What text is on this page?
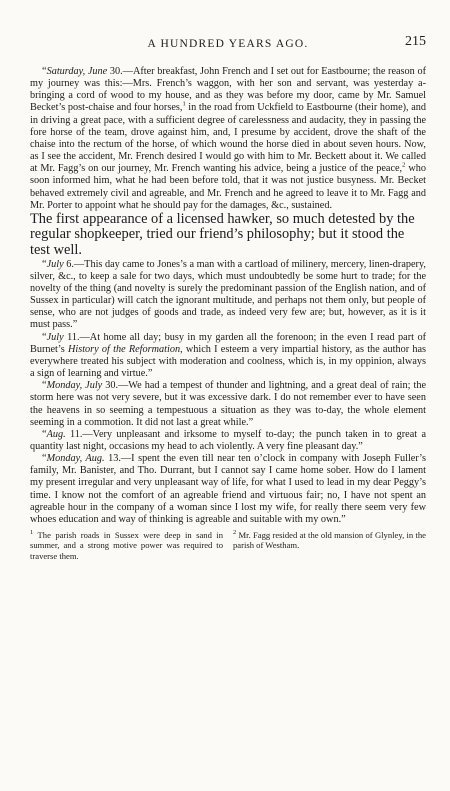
A HUNDRED YEARS AGO.	215

“Saturday, June 30.—After breakfast, John French and I set out for Eastbourne; the reason of my journey was this:—Mrs. French’s waggon, with her son and servant, was yesterday a-bringing a cord of wood to my house, and as they was before my door, came by Mr. Samuel Becket’s post-chaise and four horses,$^1$ in the road from Uckfield to Eastbourne (their home), and in driving a great pace, with a sufficient degree of carelessness and audacity, they in passing the fore horse of the team, drove against him, and, I presume by accident, drove the shaft of the chaise into the rectum of the horse, of which wound the horse died in about seven hours. Now, as I see the accident, Mr. French desired I would go with him to Mr. Beckett about it. We called at Mr. Fagg’s on our journey, Mr. French wanting his advice, being a justice of the peace,$^2$ who soon informed him, what he had been before told, that it was not justice busyness. Mr. Becket behaved extremely civil and agreable, and Mr. French and he agreed to leave it to Mr. Fagg and Mr. Porter to appoint what he should pay for the damages, &c., sustained.

The first appearance of a licensed hawker, so much detested by the regular shopkeeper, tried our friend’s philosophy; but it stood the test well.

“July 6.—This day came to Jones’s a man with a cartload of milinery, mercery, linen-drapery, silver, &c., to keep a sale for two days, which must undoubtedly be some hurt to trade; for the novelty of the thing (and novelty is surely the predominant passion of the English nation, and of Sussex in particular) will catch the ignorant multitude, and perhaps not them only, but people of sense, who are not judges of goods and trade, as indeed very few are; but, however, as it is it must pass.”

“July 11.—At home all day; busy in my garden all the forenoon; in the even I read part of Burnet’s History of the Reformation, which I esteem a very impartial history, as the author has everywhere treated his subject with moderation and coolness, which is, in my oppinion, always a sign of learning and virtue.”

“Monday, July 30.—We had a tempest of thunder and lightning, and a great deal of rain; the storm here was not very severe, but it was excessive dark. I do not remember ever to have seen the heavens in so seeming a tempestuous a situation as they was to-day, the whole element seeming in a commotion. It did not last a great while.”

“Aug. 11.—Very unpleasant and irksome to myself to-day; the punch taken in to great a quantity last night, occasions my head to ach violently. A very fine pleasant day.”

“Monday, Aug. 13.—I spent the even till near ten o’clock in company with Joseph Fuller’s family, Mr. Banister, and Tho. Durrant, but I cannot say I came home sober. How do I lament my present irregular and very unpleasant way of life, for what I used to lead in my dear Peggy’s time. I know not the comfort of an agreable friend and virtuous fair; no, I have not spent an agreable hour in the company of a woman since I lost my wife, for really there seem very few whoes education and way of thinking is agreable and suitable with my own.”

$^1$ The parish roads in Sussex were deep in sand in summer, and a strong motive power was required to traverse them.
$^2$ Mr. Fagg resided at the old mansion of Glynley, in the parish of Westham.
